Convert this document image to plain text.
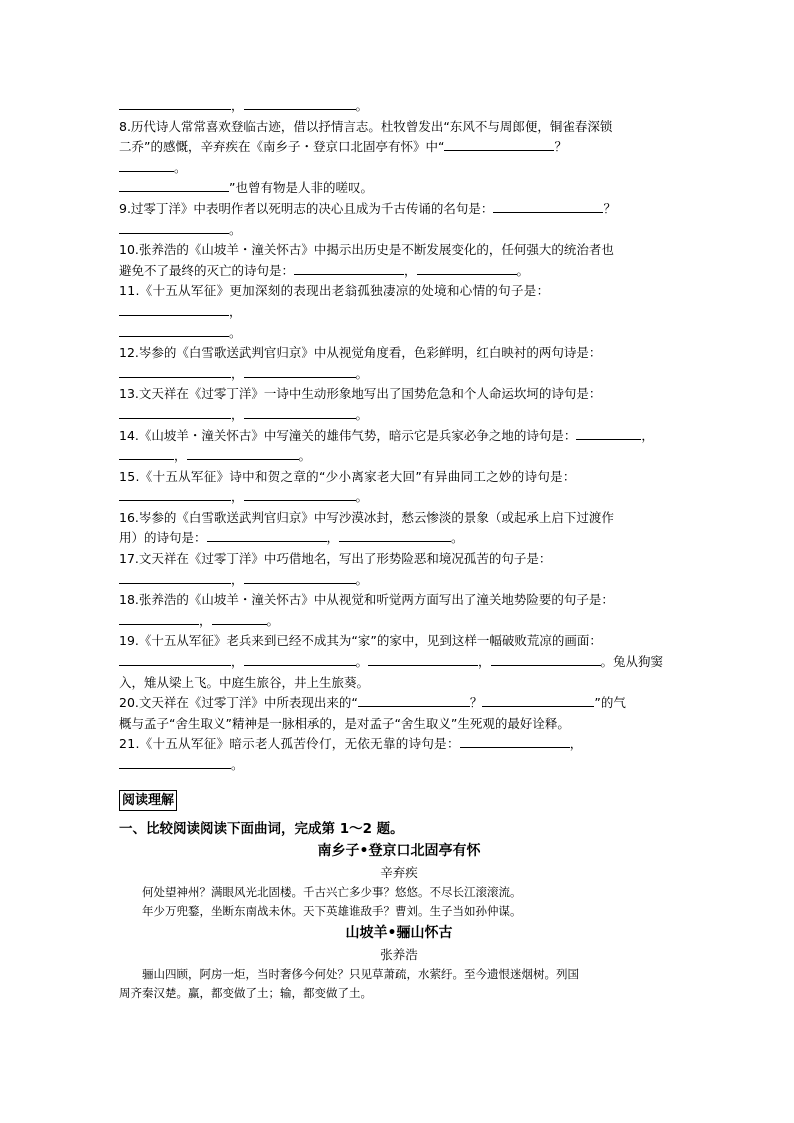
，	。
8.历代诗人常常喜欢登临古迹，借以抒情言志。杜牧曾发出“东风不与周郎便，铜雀春深锁
二乔”的感慨，辛弃疾在《南乡子・登京口北固亭有怀》中“	？
。
”也曾有物是人非的嗟叹。
9.过零丁洋》中表明作者以死明志的决心且成为千古传诵的名句是：	？
。
10.张养浩的《山坡羊・潼关怀古》中揭示出历史是不断发展变化的，任何强大的统治者也
避免不了最终的灭亡的诗句是：	，	。
11.《十五从军征》更加深刻的表现出老翁孤独凄凉的处境和心情的句子是：
，
。
12.岑参的《白雪歌送武判官归京》中从视觉角度看，色彩鲜明，红白映衬的两句诗是：
，	。
13.文天祥在《过零丁洋》一诗中生动形象地写出了国势危急和个人命运坎坷的诗句是：
，	。
14.《山坡羊・潼关怀古》中写潼关的雄伟气势，暗示它是兵家必争之地的诗句是：	，
，	。
15.《十五从军征》诗中和贺之章的“少小离家老大回”有异曲同工之妙的诗句是：
，	。
16.岑参的《白雪歌送武判官归京》中写沙漠冰封，愁云惨淡的景象（或起承上启下过渡作
用）的诗句是：	，	。
17.文天祥在《过零丁洋》中巧借地名，写出了形势险恶和境况孤苦的句子是：
，	。
18.张养浩的《山坡羊・潼关怀古》中从视觉和听觉两方面写出了潼关地势险要的句子是：
，	。
19.《十五从军征》老兵来到已经不成其为“家”的家中，见到这样一幅破败荒凉的画面：
，	。	，	。兔从狗窦
入，雉从梁上飞。中庭生旅谷，井上生旅葵。
20.文天祥在《过零丁洋》中所表现出来的“	？	”的气
概与孟子“舍生取义”精神是一脉相承的，是对孟子“舍生取义”生死观的最好诠释。
21.《十五从军征》暗示老人孤苦伶仃，无依无靠的诗句是：	，
。
阅读理解
一、比较阅读阅读下面曲词，完成第 1～2 题。
南乡子•登京口北固亭有怀
辛弃疾
何处望神州？满眼风光北固楼。千古兴亡多少事？悠悠。不尽长江滚滚流。
年少万兜鍪，坐断东南战未休。天下英雄谁敌手？曹刘。生子当如孙仲谋。
山坡羊•骊山怀古
张养浩
骊山四顾，阿房一炬，当时奢侈今何处？只见草萧疏，水萦纡。至今遗恨迷烟树。列国
周齐秦汉楚。赢，都变做了土；输，都变做了土。
